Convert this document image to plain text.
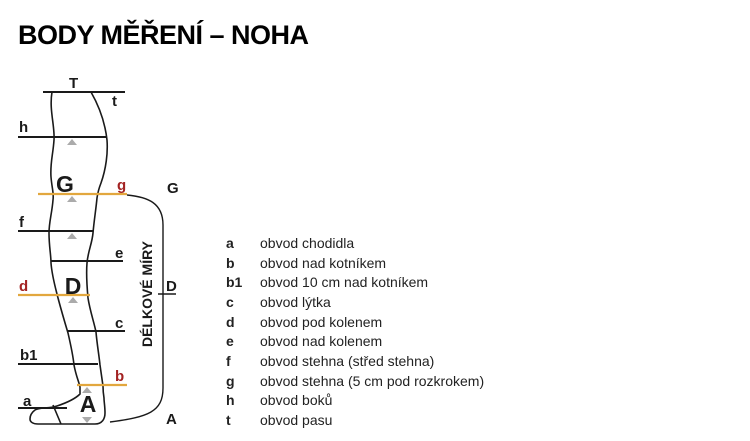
BODY MĚŘENÍ – NOHA
T
t
h
G	g
f
e
D
d
c
b1
b
a A
G
D
A
DÉLKOVÉ MÍRY	a	obvod chodidla
b	obvod nad kotníkem
b1	obvod 10 cm nad kotníkem
c	obvod lýtka
d	obvod pod kolenem
e	obvod nad kolenem
f	obvod stehna (střed stehna)
g	obvod stehna (5 cm pod rozkrokem)
h	obvod boků
t	obvod pasu
